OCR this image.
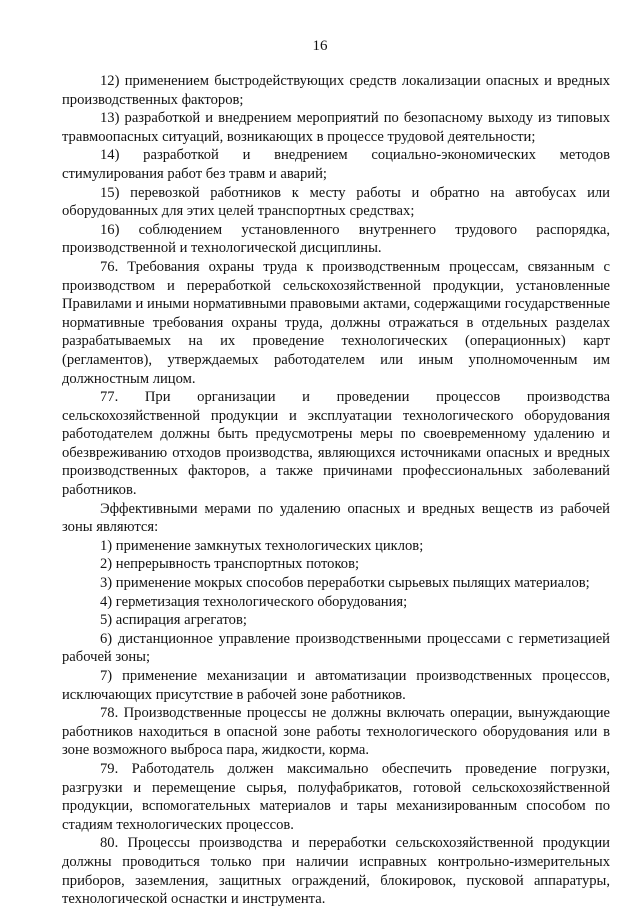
16

12) применением быстродействующих средств локализации опасных и вредных производственных факторов;

13) разработкой и внедрением мероприятий по безопасному выходу из типовых травмоопасных ситуаций, возникающих в процессе трудовой деятельности;

14) разработкой и внедрением социально-экономических методов стимулирования работ без травм и аварий;

15) перевозкой работников к месту работы и обратно на автобусах или оборудованных для этих целей транспортных средствах;

16) соблюдением установленного внутреннего трудового распорядка, производственной и технологической дисциплины.

76. Требования охраны труда к производственным процессам, связанным с производством и переработкой сельскохозяйственной продукции, установленные Правилами и иными нормативными правовыми актами, содержащими государственные нормативные требования охраны труда, должны отражаться в отдельных разделах разрабатываемых на их проведение технологических (операционных) карт (регламентов), утверждаемых работодателем или иным уполномоченным им должностным лицом.

77. При организации и проведении процессов производства сельскохозяйственной продукции и эксплуатации технологического оборудования работодателем должны быть предусмотрены меры по своевременному удалению и обезвреживанию отходов производства, являющихся источниками опасных и вредных производственных факторов, а также причинами профессиональных заболеваний работников.

Эффективными мерами по удалению опасных и вредных веществ из рабочей зоны являются:

1) применение замкнутых технологических циклов;

2) непрерывность транспортных потоков;

3) применение мокрых способов переработки сырьевых пылящих материалов;

4) герметизация технологического оборудования;

5) аспирация агрегатов;

6) дистанционное управление производственными процессами с герметизацией рабочей зоны;

7) применение механизации и автоматизации производственных процессов, исключающих присутствие в рабочей зоне работников.

78. Производственные процессы не должны включать операции, вынуждающие работников находиться в опасной зоне работы технологического оборудования или в зоне возможного выброса пара, жидкости, корма.

79. Работодатель должен максимально обеспечить проведение погрузки, разгрузки и перемещение сырья, полуфабрикатов, готовой сельскохозяйственной продукции, вспомогательных материалов и тары механизированным способом по стадиям технологических процессов.

80. Процессы производства и переработки сельскохозяйственной продукции должны проводиться только при наличии исправных контрольно-измерительных приборов, заземления, защитных ограждений, блокировок, пусковой аппаратуры, технологической оснастки и инструмента.
